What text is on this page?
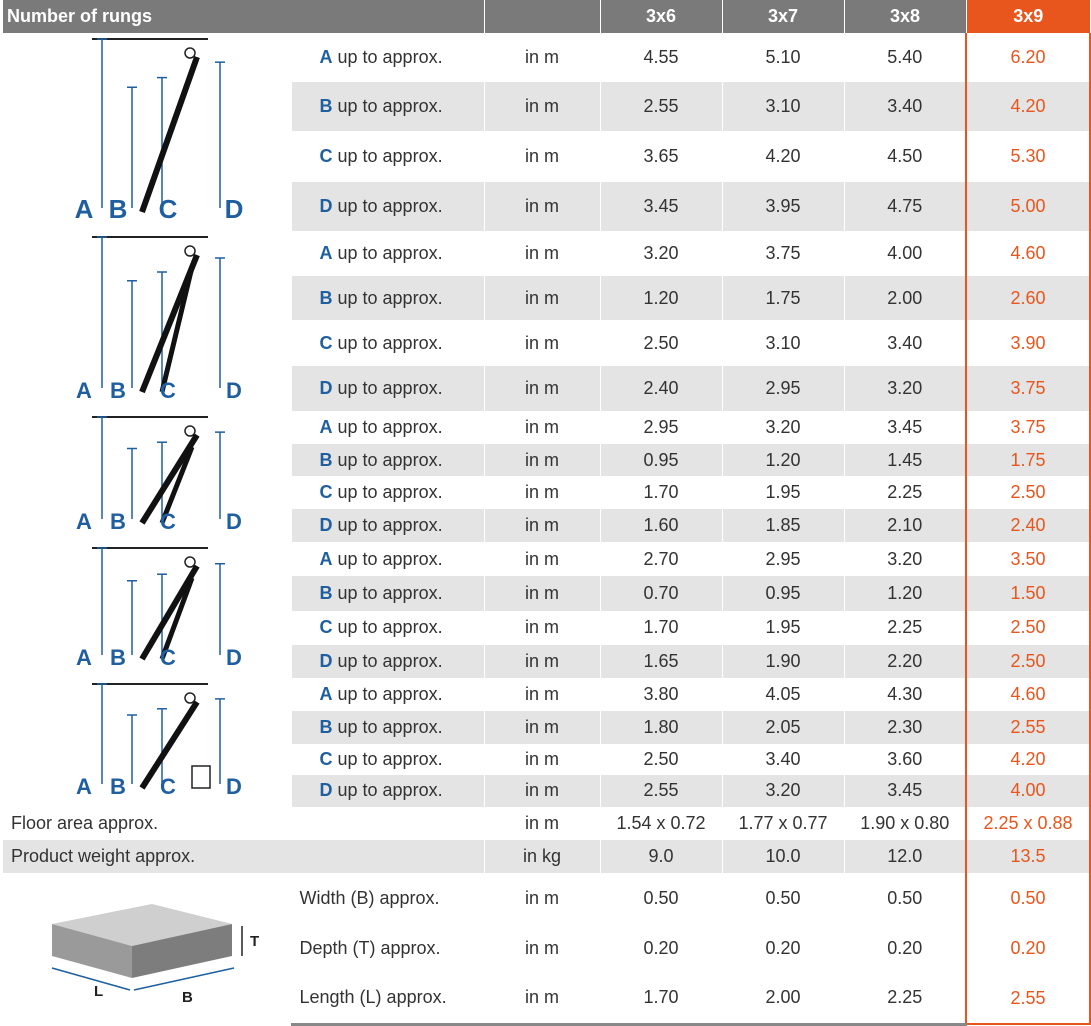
Number of rungs			3x6	3x7	3x8	3x9

A B C D	A up to approx.	in m	4.55	5.10	5.40	6.20
	B up to approx.	in m	2.55	3.10	3.40	4.20
	C up to approx.	in m	3.65	4.20	4.50	5.30
	D up to approx.	in m	3.45	3.95	4.75	5.00

A B C D	A up to approx.	in m	3.20	3.75	4.00	4.60
	B up to approx.	in m	1.20	1.75	2.00	2.60
	C up to approx.	in m	2.50	3.10	3.40	3.90
	D up to approx.	in m	2.40	2.95	3.20	3.75

A B C D	A up to approx.	in m	2.95	3.20	3.45	3.75
	B up to approx.	in m	0.95	1.20	1.45	1.75
	C up to approx.	in m	1.70	1.95	2.25	2.50
	D up to approx.	in m	1.60	1.85	2.10	2.40

A B C D	A up to approx.	in m	2.70	2.95	3.20	3.50
	B up to approx.	in m	0.70	0.95	1.20	1.50
	C up to approx.	in m	1.70	1.95	2.25	2.50
	D up to approx.	in m	1.65	1.90	2.20	2.50

A B C D	A up to approx.	in m	3.80	4.05	4.30	4.60
	B up to approx.	in m	1.80	2.05	2.30	2.55
	C up to approx.	in m	2.50	3.40	3.60	4.20
	D up to approx.	in m	2.55	3.20	3.45	4.00
Floor area approx.		in m	1.54 x 0.72	1.77 x 0.77	1.90 x 0.80	2.25 x 0.88
Product weight approx.		in kg	9.0	10.0	12.0	13.5

T
L B	Width (B) approx.	in m	0.50	0.50	0.50	0.50
	Depth (T) approx.	in m	0.20	0.20	0.20	0.20
	Length (L) approx.	in m	1.70	2.00	2.25	2.55
